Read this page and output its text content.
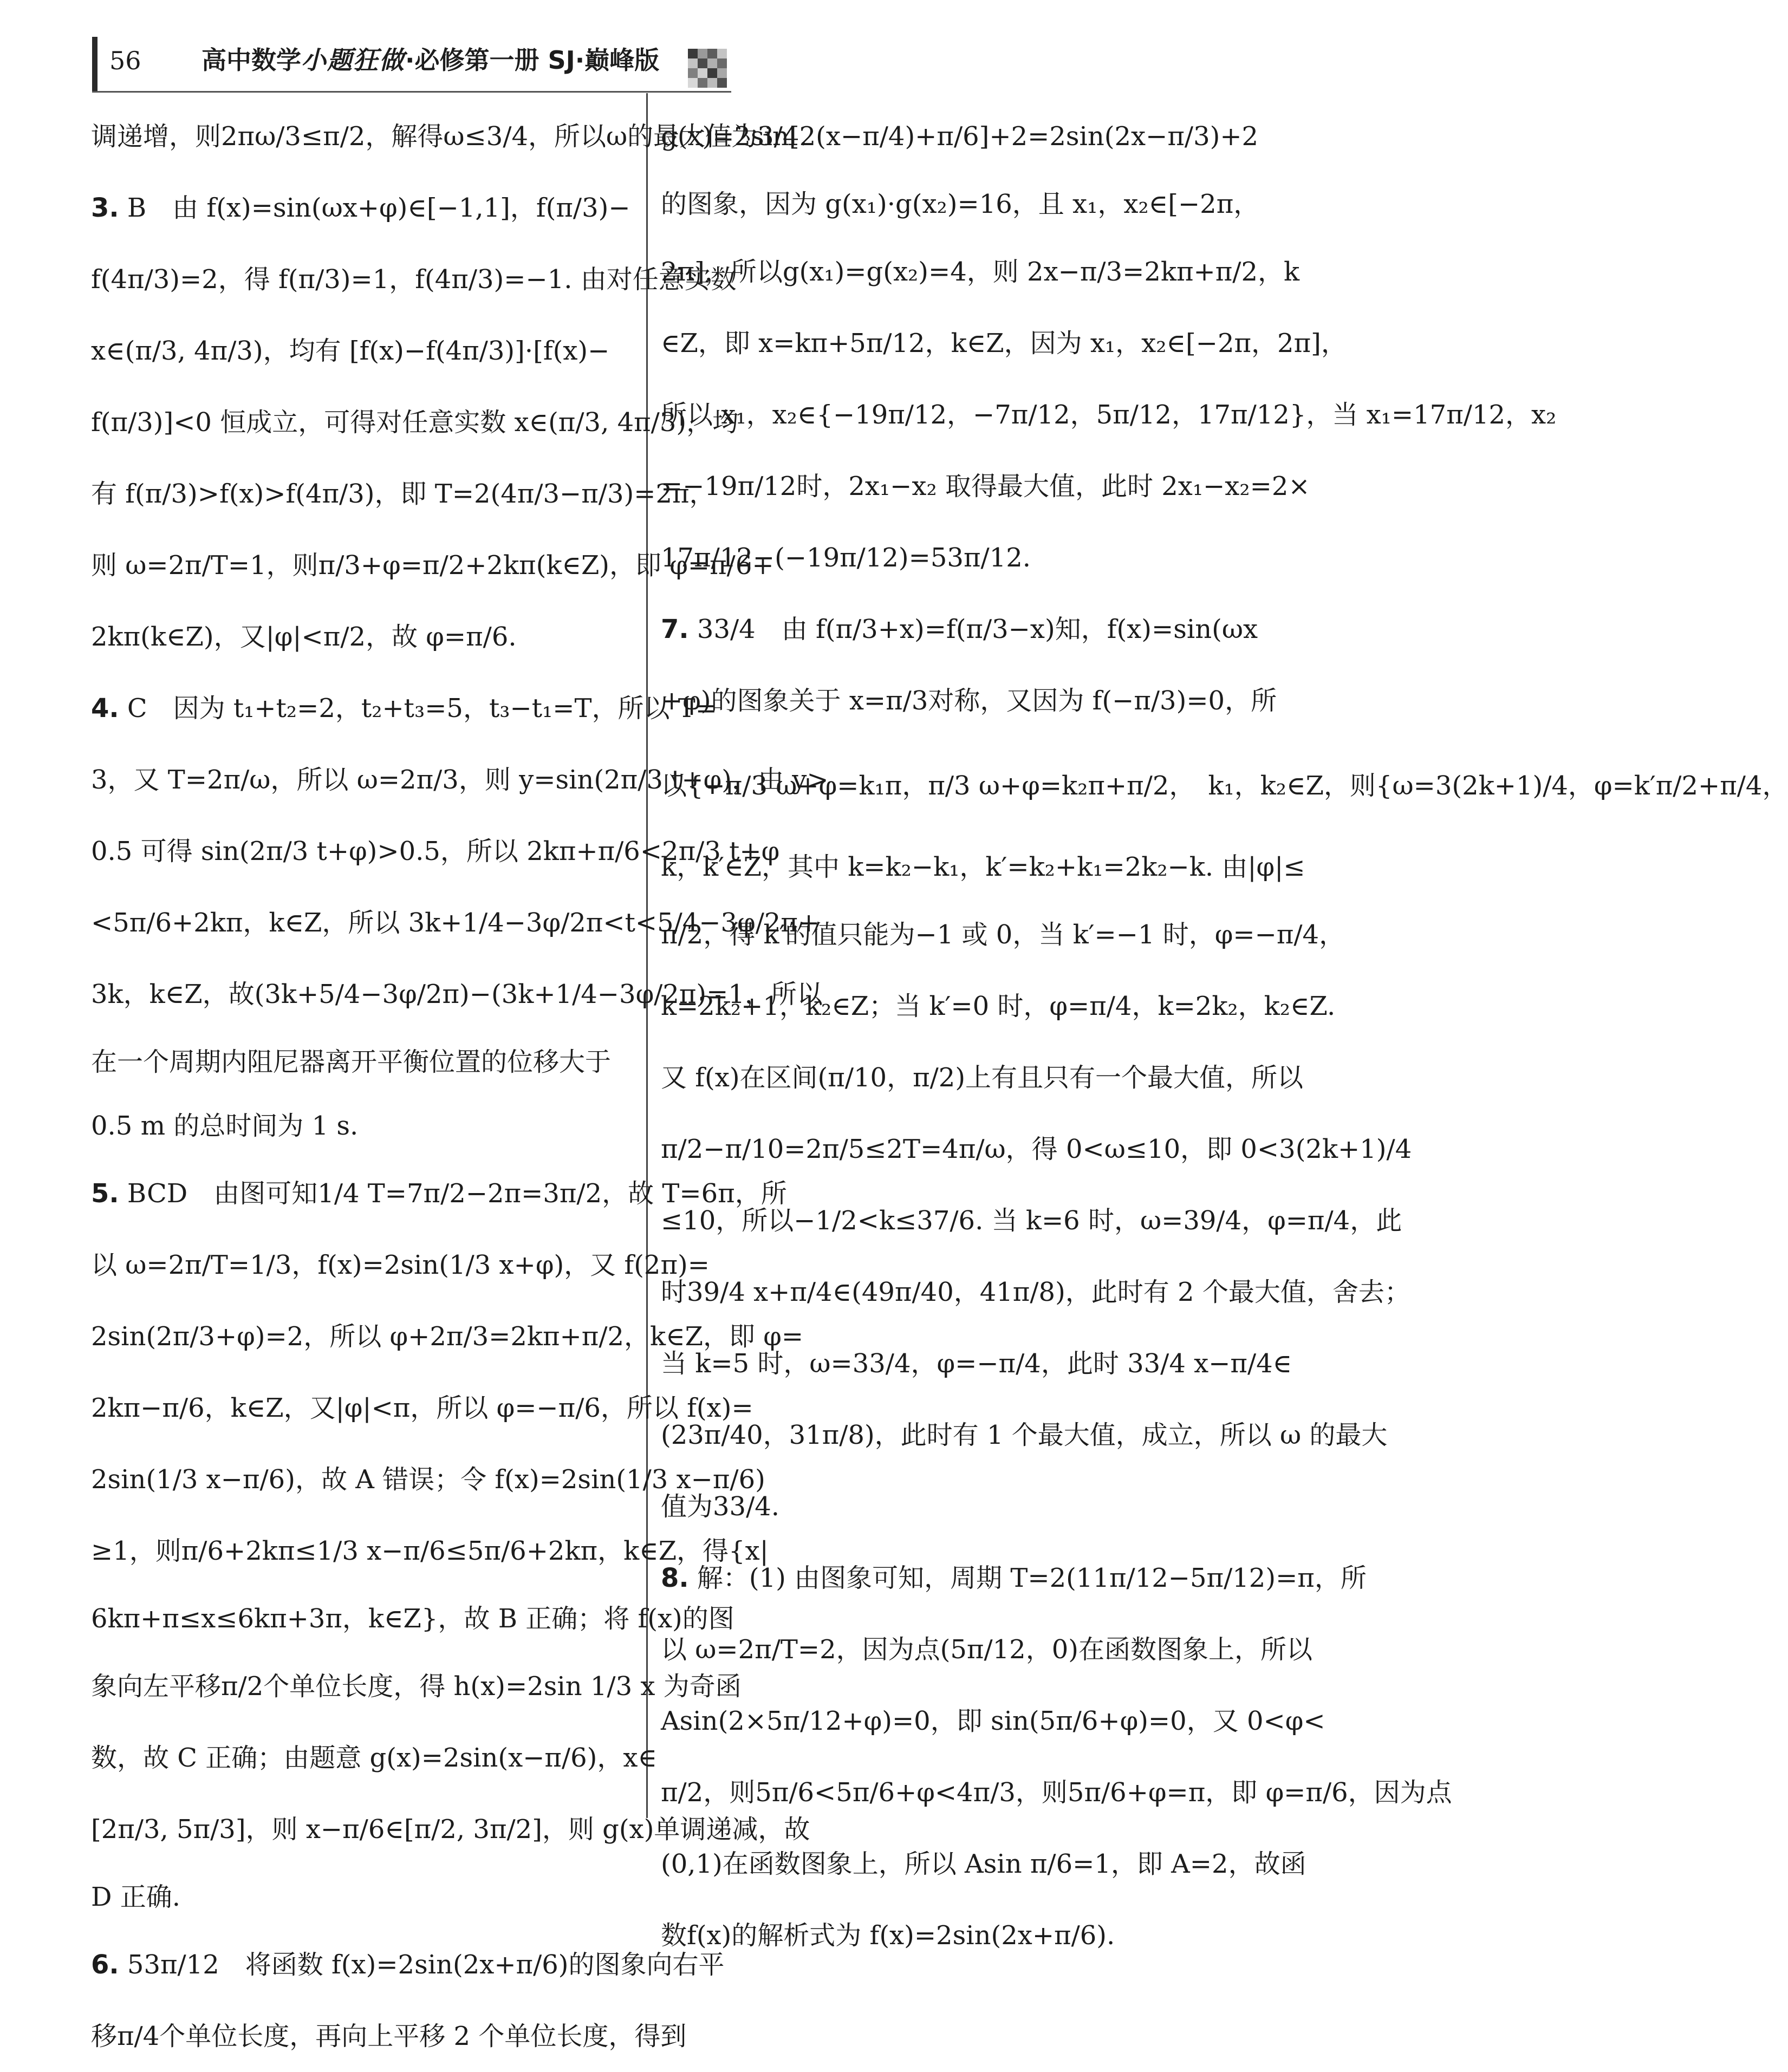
56 高中数学小题狂做·必修第一册 SJ·巅峰版
调递增，则2πω/3≤π/2，解得ω≤3/4，所以ω的最大值为3/4.
3. B　由 f(x)=sin(ωx+φ)∈[−1,1]，f(π/3)−
f(4π/3)=2，得 f(π/3)=1，f(4π/3)=−1. 由对任意实数
x∈(π/3, 4π/3)，均有 [f(x)−f(4π/3)]·[f(x)−
f(π/3)]<0 恒成立，可得对任意实数 x∈(π/3, 4π/3)，均
有 f(π/3)>f(x)>f(4π/3)，即 T=2(4π/3−π/3)=2π，
则 ω=2π/T=1，则π/3+φ=π/2+2kπ(k∈Z)，即 φ=π/6+
2kπ(k∈Z)，又|φ|<π/2，故 φ=π/6.
4. C　因为 t₁+t₂=2，t₂+t₃=5，t₃−t₁=T，所以 T=
3，又 T=2π/ω，所以 ω=2π/3，则 y=sin(2π/3 t+φ)，由 y>
0.5 可得 sin(2π/3 t+φ)>0.5，所以 2kπ+π/6<2π/3 t+φ
<5π/6+2kπ，k∈Z，所以 3k+1/4−3φ/2π<t<5/4−3φ/2π+
3k，k∈Z，故(3k+5/4−3φ/2π)−(3k+1/4−3φ/2π)=1，所以
在一个周期内阻尼器离开平衡位置的位移大于
0.5 m 的总时间为 1 s.
5. BCD　由图可知1/4 T=7π/2−2π=3π/2，故 T=6π，所
以 ω=2π/T=1/3，f(x)=2sin(1/3 x+φ)，又 f(2π)=
2sin(2π/3+φ)=2，所以 φ+2π/3=2kπ+π/2，k∈Z，即 φ=
2kπ−π/6，k∈Z，又|φ|<π，所以 φ=−π/6，所以 f(x)=
2sin(1/3 x−π/6)，故 A 错误；令 f(x)=2sin(1/3 x−π/6)
≥1，则π/6+2kπ≤1/3 x−π/6≤5π/6+2kπ，k∈Z，得{x|
6kπ+π≤x≤6kπ+3π，k∈Z}，故 B 正确；将 f(x)的图
象向左平移π/2个单位长度，得 h(x)=2sin 1/3 x 为奇函
数，故 C 正确；由题意 g(x)=2sin(x−π/6)，x∈
[2π/3, 5π/3]，则 x−π/6∈[π/2, 3π/2]，则 g(x)单调递减，故
D 正确.
6. 53π/12　将函数 f(x)=2sin(2x+π/6)的图象向右平
移π/4个单位长度，再向上平移 2 个单位长度，得到
g(x)=2sin[2(x−π/4)+π/6]+2=2sin(2x−π/3)+2
的图象，因为 g(x₁)·g(x₂)=16，且 x₁，x₂∈[−2π，
2π]，所以g(x₁)=g(x₂)=4，则 2x−π/3=2kπ+π/2，k
∈Z，即 x=kπ+5π/12，k∈Z，因为 x₁，x₂∈[−2π，2π]，
所以 x₁，x₂∈{−19π/12，−7π/12，5π/12，17π/12}，当 x₁=17π/12，x₂
=−19π/12时，2x₁−x₂ 取得最大值，此时 2x₁−x₂=2×
17π/12−(−19π/12)=53π/12.
7. 33/4　由 f(π/3+x)=f(π/3−x)知，f(x)=sin(ωx
+φ)的图象关于 x=π/3对称，又因为 f(−π/3)=0，所
以{−π/3 ω+φ=k₁π，π/3 ω+φ=k₂π+π/2，　k₁，k₂∈Z，则{ω=3(2k+1)/4，φ=k′π/2+π/4，
k，k′∈Z，其中 k=k₂−k₁，k′=k₂+k₁=2k₂−k. 由|φ|≤
π/2，得 k′的值只能为−1 或 0，当 k′=−1 时，φ=−π/4，
k=2k₂+1，k₂∈Z；当 k′=0 时，φ=π/4，k=2k₂，k₂∈Z.
又 f(x)在区间(π/10，π/2)上有且只有一个最大值，所以
π/2−π/10=2π/5≤2T=4π/ω，得 0<ω≤10，即 0<3(2k+1)/4
≤10，所以−1/2<k≤37/6. 当 k=6 时，ω=39/4，φ=π/4，此
时39/4 x+π/4∈(49π/40，41π/8)，此时有 2 个最大值，舍去；
当 k=5 时，ω=33/4，φ=−π/4，此时 33/4 x−π/4∈
(23π/40，31π/8)，此时有 1 个最大值，成立，所以 ω 的最大
值为33/4.
8. 解：(1) 由图象可知，周期 T=2(11π/12−5π/12)=π，所
以 ω=2π/T=2，因为点(5π/12，0)在函数图象上，所以
Asin(2×5π/12+φ)=0，即 sin(5π/6+φ)=0，又 0<φ<
π/2，则5π/6<5π/6+φ<4π/3，则5π/6+φ=π，即 φ=π/6，因为点
(0,1)在函数图象上，所以 Asin π/6=1，即 A=2，故函
数f(x)的解析式为 f(x)=2sin(2x+π/6).
